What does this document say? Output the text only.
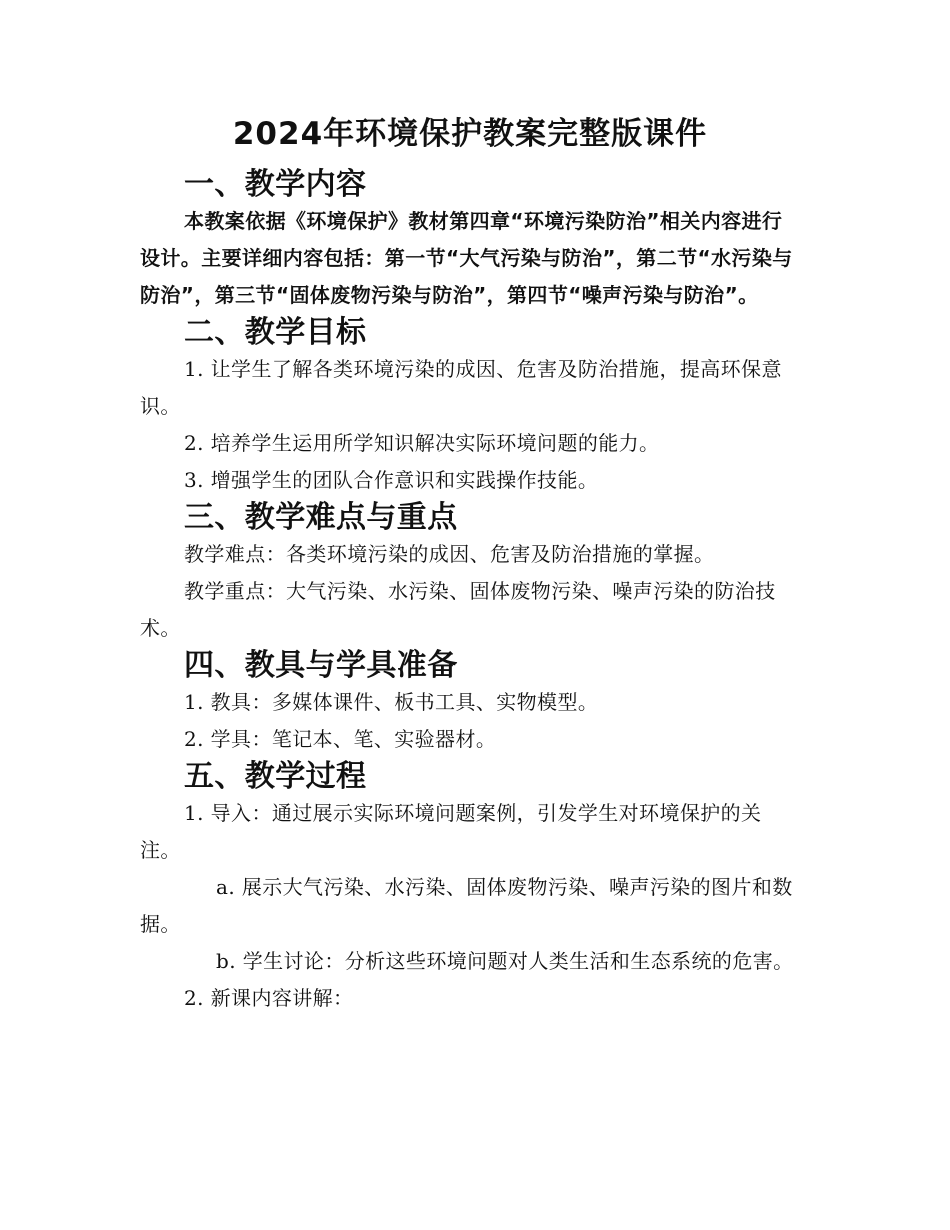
2024年环境保护教案完整版课件
一、教学内容

本教案依据《环境保护》教材第四章“环境污染防治”相关内容进行设计。主要详细内容包括：第一节“大气污染与防治”，第二节“水污染与防治”，第三节“固体废物污染与防治”，第四节“噪声污染与防治”。

二、教学目标

1. 让学生了解各类环境污染的成因、危害及防治措施，提高环保意识。

2. 培养学生运用所学知识解决实际环境问题的能力。

3. 增强学生的团队合作意识和实践操作技能。

三、教学难点与重点

教学难点：各类环境污染的成因、危害及防治措施的掌握。

教学重点：大气污染、水污染、固体废物污染、噪声污染的防治技术。

四、教具与学具准备

1. 教具：多媒体课件、板书工具、实物模型。

2. 学具：笔记本、笔、实验器材。

五、教学过程

1. 导入：通过展示实际环境问题案例，引发学生对环境保护的关注。

a. 展示大气污染、水污染、固体废物污染、噪声污染的图片和数据。

b. 学生讨论：分析这些环境问题对人类生活和生态系统的危害。

2. 新课内容讲解：
